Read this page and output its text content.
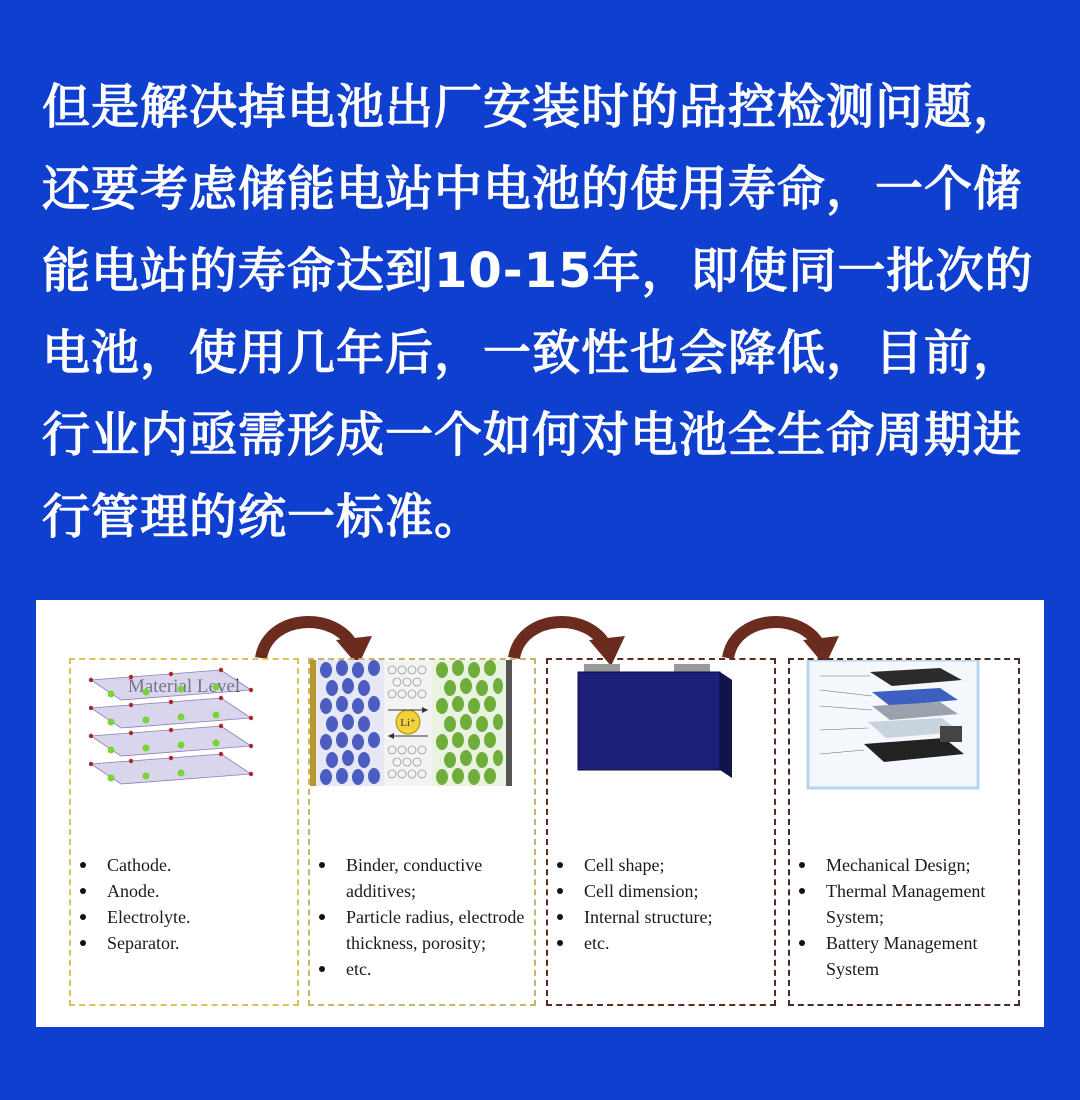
但是解决掉电池出厂安装时的品控检测问题，
还要考虑储能电站中电池的使用寿命，一个储
能电站的寿命达到10-15年，即使同一批次的
电池，使用几年后，一致性也会降低，目前，
行业内亟需形成一个如何对电池全生命周期进
行管理的统一标准。
Cathode.
Anode.
Electrolyte.
Separator.
Li⁺
Binder, conductive additives;
Particle radius, electrode thickness, porosity;
etc.
Cell shape;
Cell dimension;
Internal structure;
etc.
Mechanical Design;
Thermal Management System;
Battery Management System
